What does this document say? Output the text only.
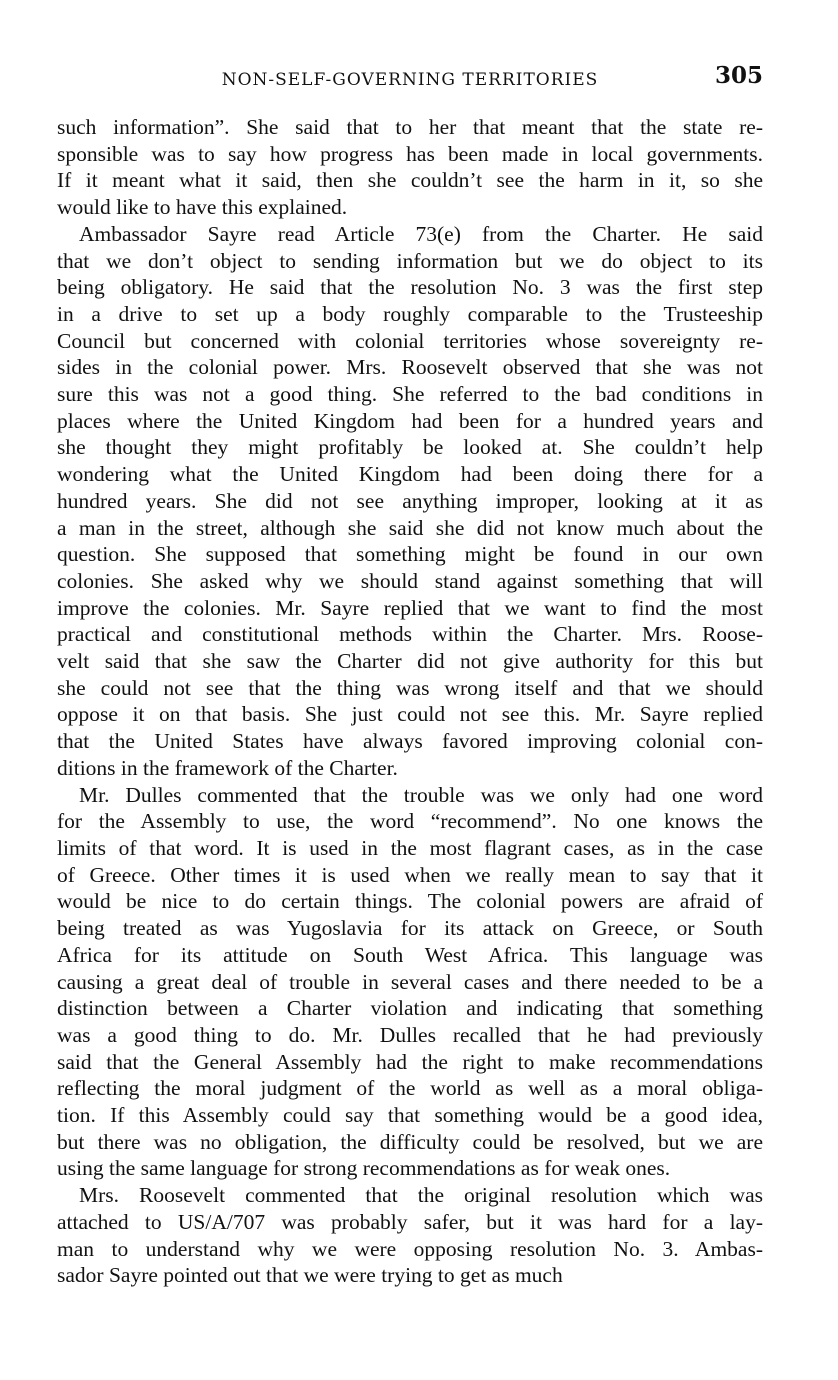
NON-SELF-GOVERNING TERRITORIES	305

such information”. She said that to her that meant that the state re-
sponsible was to say how progress has been made in local governments.
If it meant what it said, then she couldn’t see the harm in it, so she
would like to have this explained.

Ambassador Sayre read Article 73(e) from the Charter. He said
that we don’t object to sending information but we do object to its
being obligatory. He said that the resolution No. 3 was the first step
in a drive to set up a body roughly comparable to the Trusteeship
Council but concerned with colonial territories whose sovereignty re-
sides in the colonial power. Mrs. Roosevelt observed that she was not
sure this was not a good thing. She referred to the bad conditions in
places where the United Kingdom had been for a hundred years and
she thought they might profitably be looked at. She couldn’t help
wondering what the United Kingdom had been doing there for a
hundred years. She did not see anything improper, looking at it as
a man in the street, although she said she did not know much about the
question. She supposed that something might be found in our own
colonies. She asked why we should stand against something that will
improve the colonies. Mr. Sayre replied that we want to find the most
practical and constitutional methods within the Charter. Mrs. Roose-
velt said that she saw the Charter did not give authority for this but
she could not see that the thing was wrong itself and that we should
oppose it on that basis. She just could not see this. Mr. Sayre replied
that the United States have always favored improving colonial con-
ditions in the framework of the Charter.

Mr. Dulles commented that the trouble was we only had one word
for the Assembly to use, the word “recommend”. No one knows the
limits of that word. It is used in the most flagrant cases, as in the case
of Greece. Other times it is used when we really mean to say that it
would be nice to do certain things. The colonial powers are afraid of
being treated as was Yugoslavia for its attack on Greece, or South
Africa for its attitude on South West Africa. This language was
causing a great deal of trouble in several cases and there needed to be a
distinction between a Charter violation and indicating that something
was a good thing to do. Mr. Dulles recalled that he had previously
said that the General Assembly had the right to make recommendations
reflecting the moral judgment of the world as well as a moral obliga-
tion. If this Assembly could say that something would be a good idea,
but there was no obligation, the difficulty could be resolved, but we are
using the same language for strong recommendations as for weak ones.

Mrs. Roosevelt commented that the original resolution which was
attached to US/A/707 was probably safer, but it was hard for a lay-
man to understand why we were opposing resolution No. 3. Ambas-
sador Sayre pointed out that we were trying to get as much
